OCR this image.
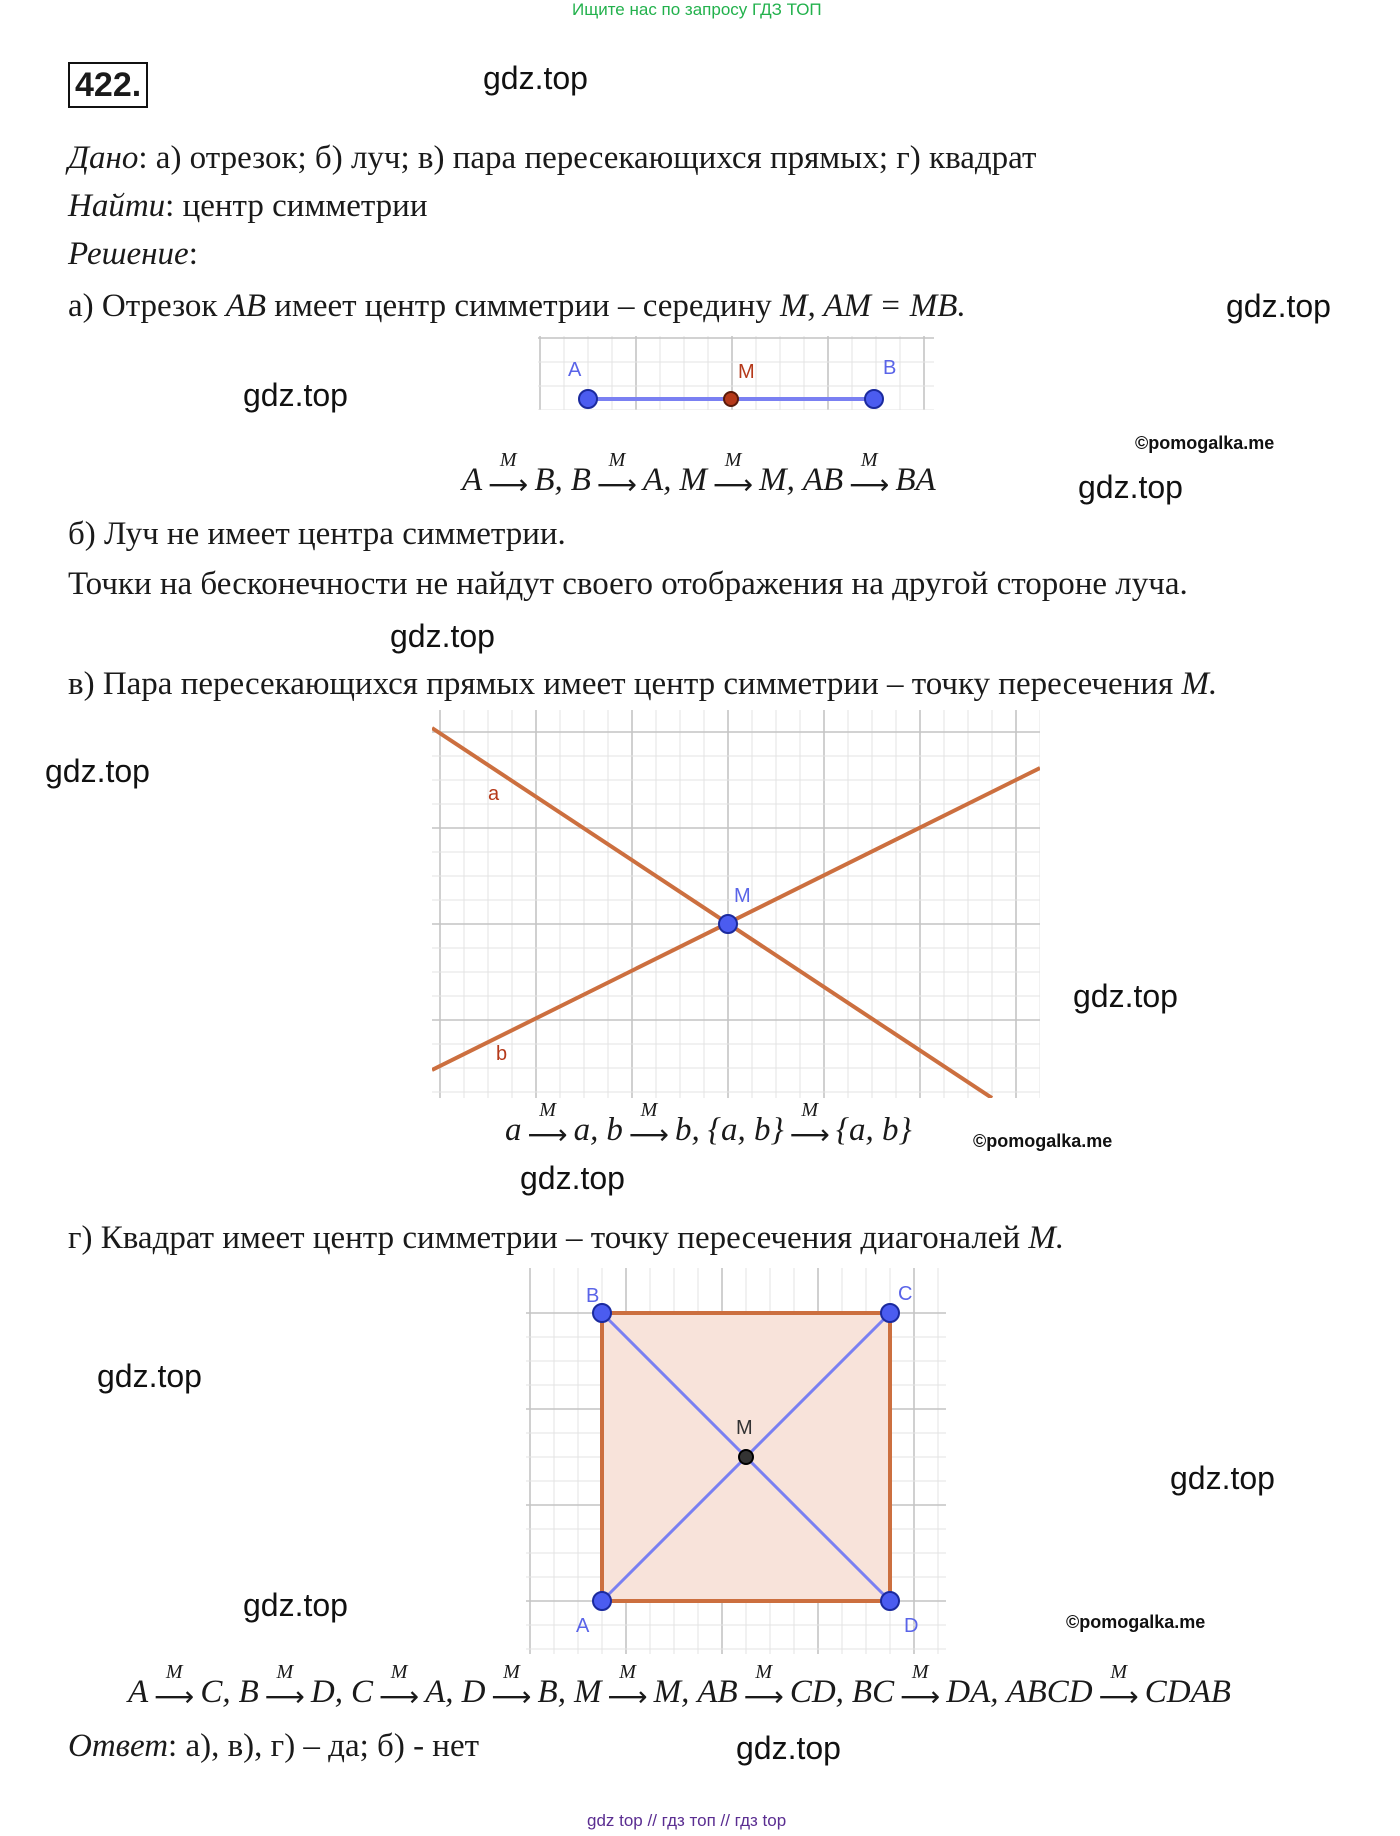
Ищите нас по запросу ГДЗ ТОП
422.	gdz.top
gdz.top
gdz.top
gdz.top
gdz.top
gdz.top
gdz.top
gdz.top
gdz.top
gdz.top
gdz.top
gdz.top
©pomogalka.me
©pomogalka.me
©pomogalka.me
Дано: а) отрезок; б) луч; в) пара пересекающихся прямых; г) квадрат
Найти: центр симметрии
Решение:
а) Отрезок AB имеет центр симметрии – середину M, AM = MB.
A	M	B
A
M
⟶ B, B
M
⟶ A, M
M
⟶ M, AB
M
⟶ BA
б) Луч не имеет центра симметрии.
Точки на бесконечности не найдут своего отображения на другой стороне луча.
в) Пара пересекающихся прямых имеет центр симметрии – точку пересечения M.
a
b
M
a
M
⟶ a, b
M
⟶ b, {a, b}
M
⟶ {a, b}
г) Квадрат имеет центр симметрии – точку пересечения диагоналей M.
A
B	C
D
M
A
M
⟶ C, B
M
⟶ D, C
M
⟶ A, D
M
⟶ B, M
M
⟶ M, AB
M
⟶ CD, BC
M
⟶ DA, ABCD
M
⟶ CDAB
Ответ: а), в), г) – да; б) - нет
gdz top // гдз топ // гдз top
